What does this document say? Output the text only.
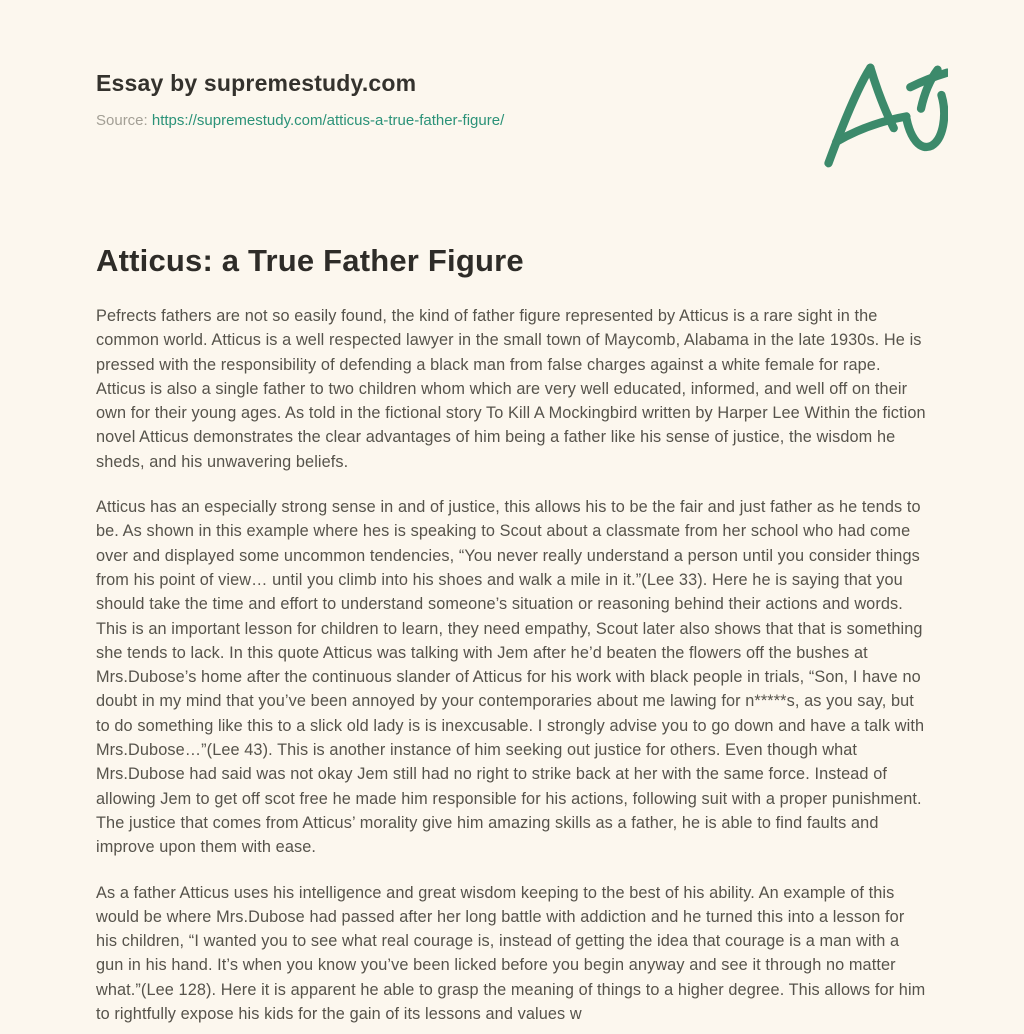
Essay by supremestudy.com
Source: https://supremestudy.com/atticus-a-true-father-figure/
Atticus: a True Father Figure

Pefrects fathers are not so easily found, the kind of father figure represented by Atticus is a rare sight in the common world. Atticus is a well respected lawyer in the small town of Maycomb, Alabama in the late 1930s. He is pressed with the responsibility of defending a black man from false charges against a white female for rape. Atticus is also a single father to two children whom which are very well educated, informed, and well off on their own for their young ages. As told in the fictional story To Kill A Mockingbird written by Harper Lee Within the fiction novel Atticus demonstrates the clear advantages of him being a father like his sense of justice, the wisdom he sheds, and his unwavering beliefs.

Atticus has an especially strong sense in and of justice, this allows his to be the fair and just father as he tends to be. As shown in this example where hes is speaking to Scout about a classmate from her school who had come over and displayed some uncommon tendencies, “You never really understand a person until you consider things from his point of view… until you climb into his shoes and walk a mile in it.”(Lee 33). Here he is saying that you should take the time and effort to understand someone’s situation or reasoning behind their actions and words. This is an important lesson for children to learn, they need empathy, Scout later also shows that that is something she tends to lack. In this quote Atticus was talking with Jem after he’d beaten the flowers off the bushes at Mrs.Dubose’s home after the continuous slander of Atticus for his work with black people in trials, “Son, I have no doubt in my mind that you’ve been annoyed by your contemporaries about me lawing for n*****s, as you say, but to do something like this to a slick old lady is is inexcusable. I strongly advise you to go down and have a talk with Mrs.Dubose…”(Lee 43). This is another instance of him seeking out justice for others. Even though what Mrs.Dubose had said was not okay Jem still had no right to strike back at her with the same force. Instead of allowing Jem to get off scot free he made him responsible for his actions, following suit with a proper punishment. The justice that comes from Atticus’ morality give him amazing skills as a father, he is able to find faults and improve upon them with ease.

As a father Atticus uses his intelligence and great wisdom keeping to the best of his ability. An example of this would be where Mrs.Dubose had passed after her long battle with addiction and he turned this into a lesson for his children, “I wanted you to see what real courage is, instead of getting the idea that courage is a man with a gun in his hand. It’s when you know you’ve been licked before you begin anyway and see it through no matter what.”(Lee 128). Here it is apparent he able to grasp the meaning of things to a higher degree. This allows for him to rightfully expose his kids for the gain of its lessons and values w
